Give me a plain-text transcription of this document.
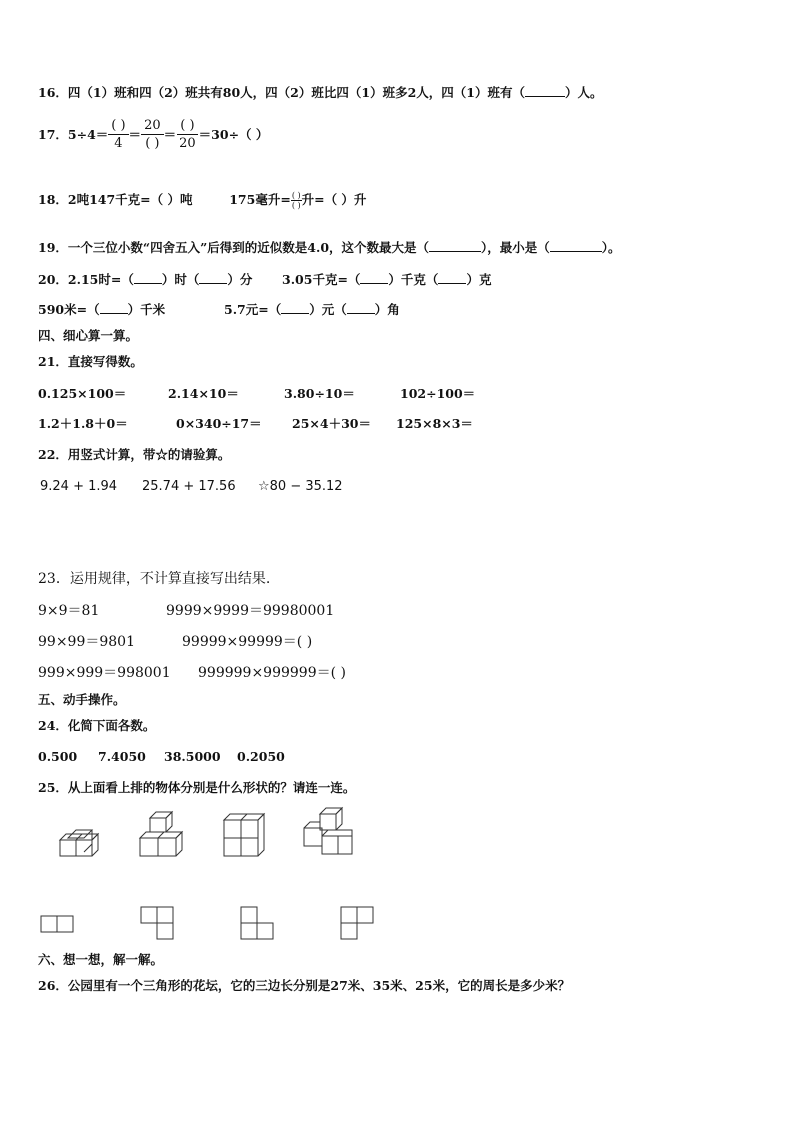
16．四（1）班和四（2）班共有80人，四（2）班比四（1）班多2人，四（1）班有（	）人。
17．$5\div 4= \frac{( )}{4} = \frac{20}{( )} = \frac{( )}{20} =30\div$（ ）
18．2吨147千克=（ ）吨	175毫升= ( )
( ) 升=（ ）升
19．一个三位小数“四舍五入”后得到的近似数是4.0，这个数最大是（	），最小是（	）。
20．2.15时=（ ）时（ ）分 3.05千克=（ ）千克（ ）克
590米=（ ）千米	5.7元=（ ）元（ ）角
四、细心算一算。
21．直接写得数。
0.125×100＝	2.14×10＝	3.80÷10＝	102÷100＝
1.2＋1.8＋0＝	0×340÷17＝ 25×4＋30＝ 125×8×3＝
22．用竖式计算，带☆的请验算。
9.24 + 1.94 25.74 + 17.56 ☆80 − 35.12
23．运用规律，不计算直接写出结果.
9×9＝81	9999×9999＝99980001
99×99＝9801	99999×99999＝( )
999×999＝998001 999999×999999＝( )
五、动手操作。
24．化简下面各数。
0.500 7.4050 38.5000 0.2050
25．从上面看上排的物体分别是什么形状的？请连一连。
六、想一想，解一解。
26．公园里有一个三角形的花坛，它的三边长分别是27米、35米、25米，它的周长是多少米？
